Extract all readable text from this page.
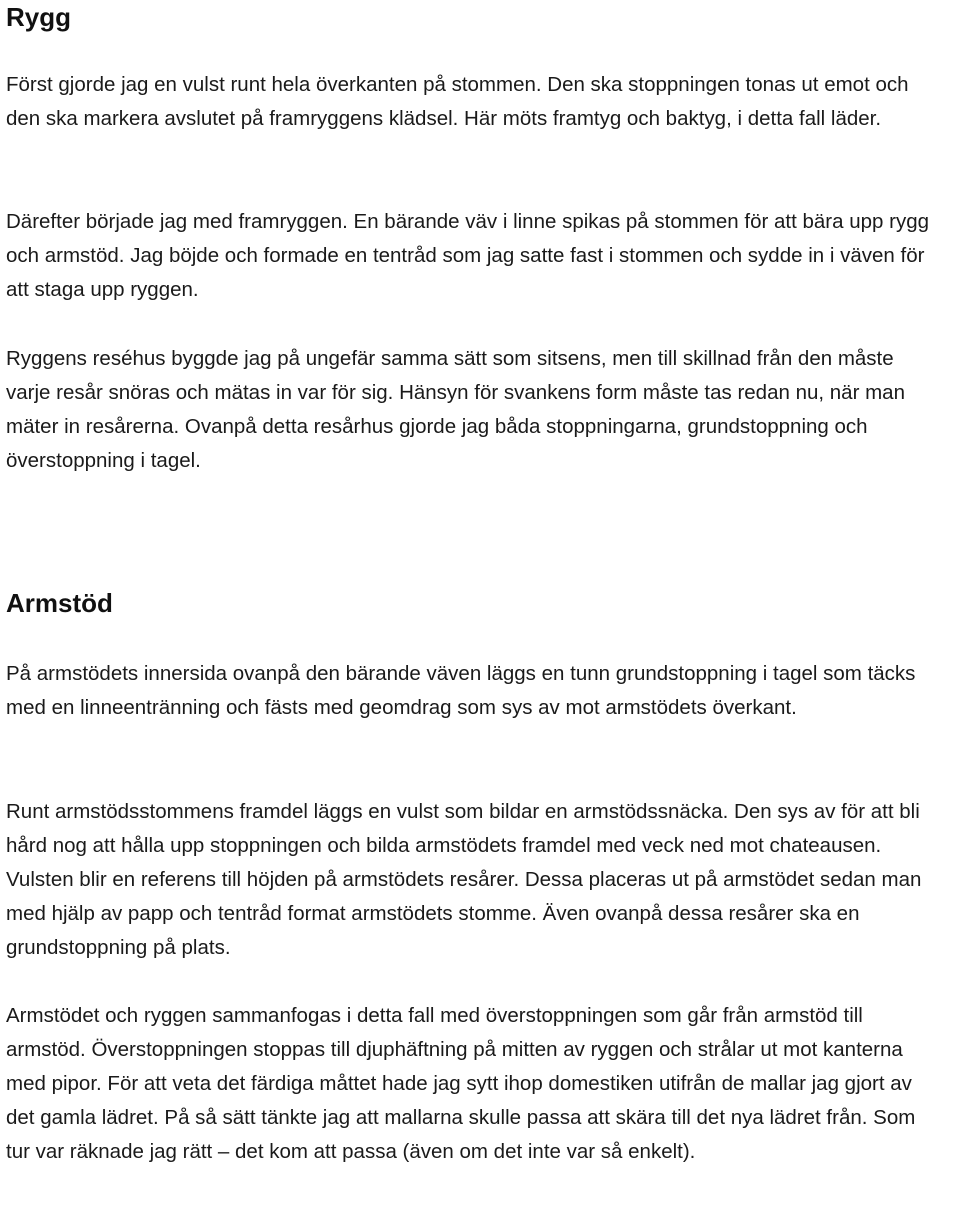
Rygg

Först gjorde jag en vulst runt hela överkanten på stommen. Den ska stoppningen tonas ut emot och den ska markera avslutet på framryggens klädsel. Här möts framtyg och baktyg, i detta fall läder.

Därefter började jag med framryggen. En bärande väv i linne spikas på stommen för att bära upp rygg och armstöd. Jag böjde och formade en tentråd som jag satte fast i stommen och sydde in i väven för att staga upp ryggen.

Ryggens reséhus byggde jag på ungefär samma sätt som sitsens, men till skillnad från den måste varje resår snöras och mätas in var för sig. Hänsyn för svankens form måste tas redan nu, när man mäter in resårerna. Ovanpå detta resårhus gjorde jag båda stoppningarna, grundstoppning och överstoppning i tagel.

Armstöd

På armstödets innersida ovanpå den bärande väven läggs en tunn grundstoppning i tagel som täcks med en linneentränning och fästs med geomdrag som sys av mot armstödets överkant.

Runt armstödsstommens framdel läggs en vulst som bildar en armstödssnäcka. Den sys av för att bli hård nog att hålla upp stoppningen och bilda armstödets framdel med veck ned mot chateausen. Vulsten blir en referens till höjden på armstödets resårer. Dessa placeras ut på armstödet sedan man med hjälp av papp och tentråd format armstödets stomme. Även ovanpå dessa resårer ska en grundstoppning på plats.

Armstödet och ryggen sammanfogas i detta fall med överstoppningen som går från armstöd till armstöd. Överstoppningen stoppas till djuphäftning på mitten av ryggen och strålar ut mot kanterna med pipor. För att veta det färdiga måttet hade jag sytt ihop domestiken utifrån de mallar jag gjort av det gamla lädret. På så sätt tänkte jag att mallarna skulle passa att skära till det nya lädret från. Som tur var räknade jag rätt – det kom att passa (även om det inte var så enkelt).
